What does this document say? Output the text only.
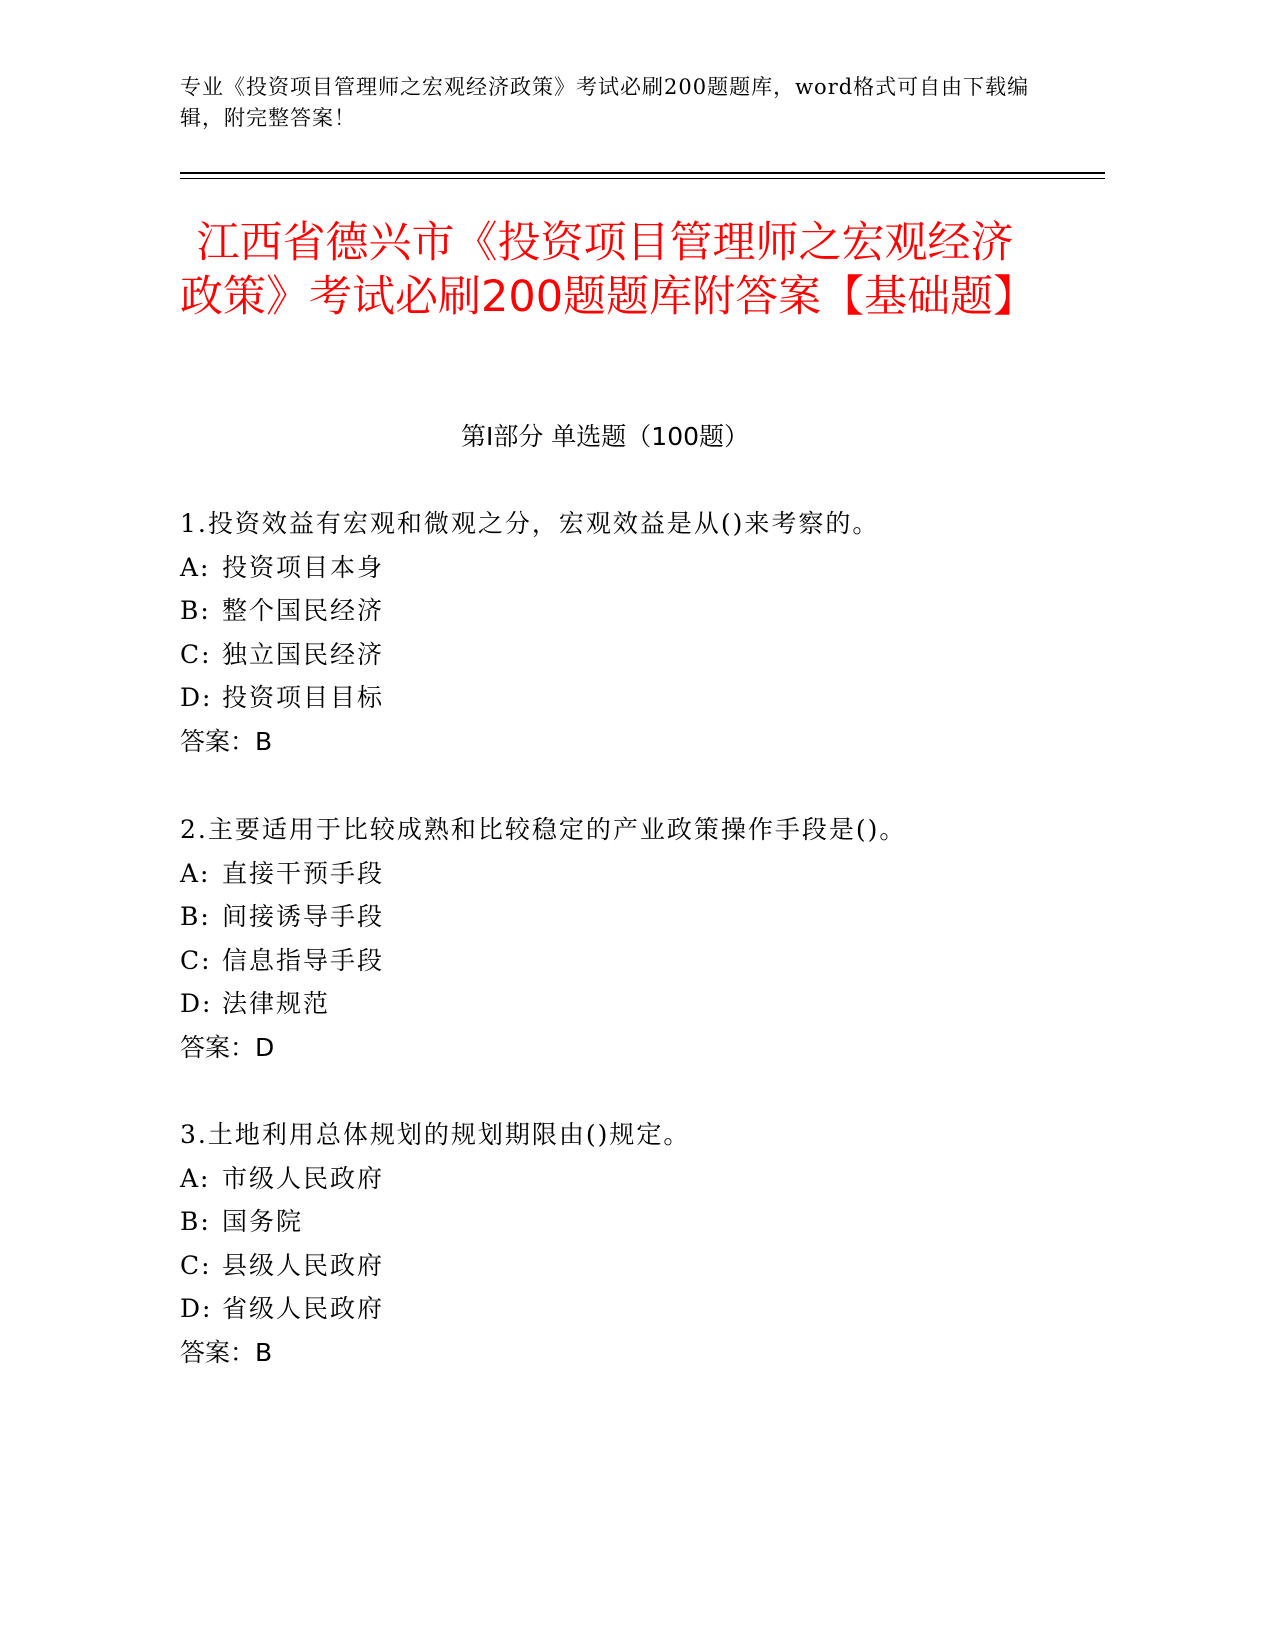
专业《投资项目管理师之宏观经济政策》考试必刷200题题库，word格式可自由下载编辑，附完整答案！
江西省德兴市《投资项目管理师之宏观经济政策》考试必刷200题题库附答案【基础题】
第Ⅰ部分 单选题（100题）
1.投资效益有宏观和微观之分，宏观效益是从()来考察的。
A: 投资项目本身
B: 整个国民经济
C: 独立国民经济
D: 投资项目目标
答案：B
2.主要适用于比较成熟和比较稳定的产业政策操作手段是()。
A: 直接干预手段
B: 间接诱导手段
C: 信息指导手段
D: 法律规范
答案：D
3.土地利用总体规划的规划期限由()规定。
A: 市级人民政府
B: 国务院
C: 县级人民政府
D: 省级人民政府
答案：B
